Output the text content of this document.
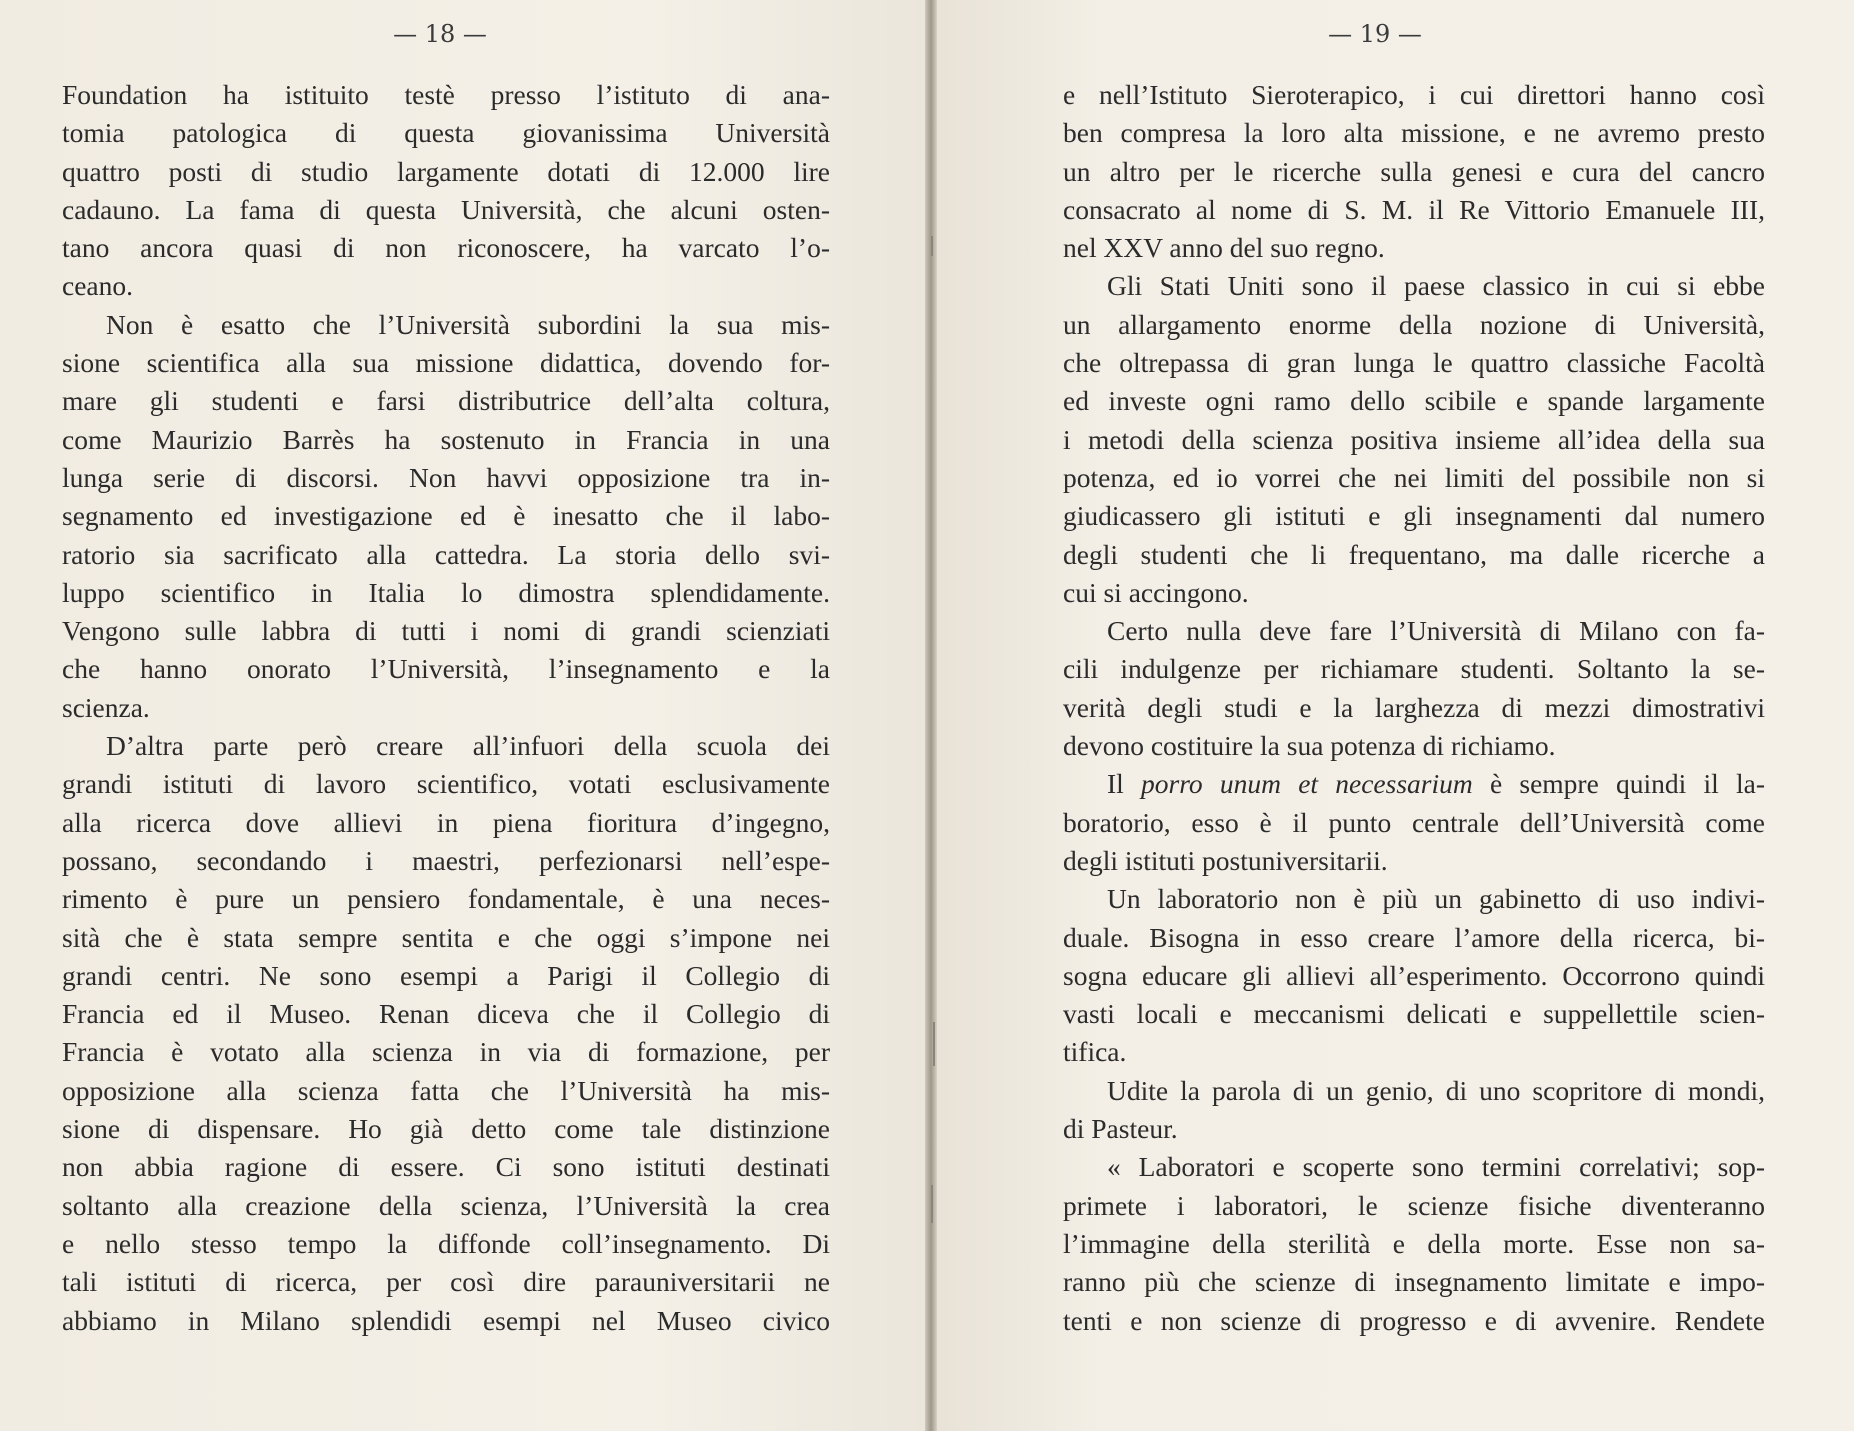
— 18 —
Foundation ha istituito testè presso l’istituto di ana-
tomia patologica di questa giovanissima Università
quattro posti di studio largamente dotati di 12.000 lire
cadauno. La fama di questa Università, che alcuni osten-
tano ancora quasi di non riconoscere, ha varcato l’o-
ceano.
Non è esatto che l’Università subordini la sua mis-
sione scientifica alla sua missione didattica, dovendo for-
mare gli studenti e farsi distributrice dell’alta coltura,
come Maurizio Barrès ha sostenuto in Francia in una
lunga serie di discorsi. Non havvi opposizione tra in-
segnamento ed investigazione ed è inesatto che il labo-
ratorio sia sacrificato alla cattedra. La storia dello svi-
luppo scientifico in Italia lo dimostra splendidamente.
Vengono sulle labbra di tutti i nomi di grandi scienziati
che hanno onorato l’Università, l’insegnamento e la
scienza.
D’altra parte però creare all’infuori della scuola dei
grandi istituti di lavoro scientifico, votati esclusivamente
alla ricerca dove allievi in piena fioritura d’ingegno,
possano, secondando i maestri, perfezionarsi nell’espe-
rimento è pure un pensiero fondamentale, è una neces-
sità che è stata sempre sentita e che oggi s’impone nei
grandi centri. Ne sono esempi a Parigi il Collegio di
Francia ed il Museo. Renan diceva che il Collegio di
Francia è votato alla scienza in via di formazione, per
opposizione alla scienza fatta che l’Università ha mis-
sione di dispensare. Ho già detto come tale distinzione
non abbia ragione di essere. Ci sono istituti destinati
soltanto alla creazione della scienza, l’Università la crea
e nello stesso tempo la diffonde coll’insegnamento. Di
tali istituti di ricerca, per così dire parauniversitarii ne
abbiamo in Milano splendidi esempi nel Museo civico
— 19 —
e nell’Istituto Sieroterapico, i cui direttori hanno così
ben compresa la loro alta missione, e ne avremo presto
un altro per le ricerche sulla genesi e cura del cancro
consacrato al nome di S. M. il Re Vittorio Emanuele III,
nel XXV anno del suo regno.
Gli Stati Uniti sono il paese classico in cui si ebbe
un allargamento enorme della nozione di Università,
che oltrepassa di gran lunga le quattro classiche Facoltà
ed investe ogni ramo dello scibile e spande largamente
i metodi della scienza positiva insieme all’idea della sua
potenza, ed io vorrei che nei limiti del possibile non si
giudicassero gli istituti e gli insegnamenti dal numero
degli studenti che li frequentano, ma dalle ricerche a
cui si accingono.
Certo nulla deve fare l’Università di Milano con fa-
cili indulgenze per richiamare studenti. Soltanto la se-
verità degli studi e la larghezza di mezzi dimostrativi
devono costituire la sua potenza di richiamo.
Il porro unum et necessarium è sempre quindi il la-
boratorio, esso è il punto centrale dell’Università come
degli istituti postuniversitarii.
Un laboratorio non è più un gabinetto di uso indivi-
duale. Bisogna in esso creare l’amore della ricerca, bi-
sogna educare gli allievi all’esperimento. Occorrono quindi
vasti locali e meccanismi delicati e suppellettile scien-
tifica.
Udite la parola di un genio, di uno scopritore di mondi,
di Pasteur.
« Laboratori e scoperte sono termini correlativi; sop-
primete i laboratori, le scienze fisiche diventeranno
l’immagine della sterilità e della morte. Esse non sa-
ranno più che scienze di insegnamento limitate e impo-
tenti e non scienze di progresso e di avvenire. Rendete
